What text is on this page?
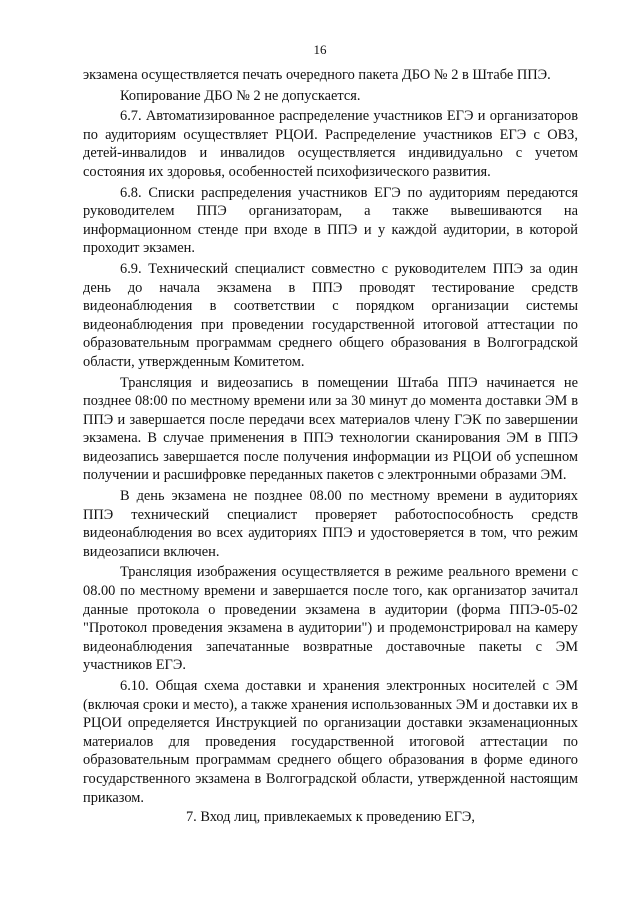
16

экзамена осуществляется печать очередного пакета ДБО № 2 в Штабе ППЭ.

Копирование ДБО № 2 не допускается.

6.7. Автоматизированное распределение участников ЕГЭ и организаторов по аудиториям осуществляет РЦОИ. Распределение участников ЕГЭ с ОВЗ, детей-инвалидов и инвалидов осуществляется индивидуально с учетом состояния их здоровья, особенностей психофизического развития.

6.8. Списки распределения участников ЕГЭ по аудиториям передаются руководителем ППЭ организаторам, а также вывешиваются на информационном стенде при входе в ППЭ и у каждой аудитории, в которой проходит экзамен.

6.9. Технический специалист совместно с руководителем ППЭ за один день до начала экзамена в ППЭ проводят тестирование средств видеонаблюдения в соответствии с порядком организации системы видеонаблюдения при проведении государственной итоговой аттестации по образовательным программам среднего общего образования в Волгоградской области, утвержденным Комитетом.

Трансляция и видеозапись в помещении Штаба ППЭ начинается не позднее 08:00 по местному времени или за 30 минут до момента доставки ЭМ в ППЭ и завершается после передачи всех материалов члену ГЭК по завершении экзамена. В случае применения в ППЭ технологии сканирования ЭМ в ППЭ видеозапись завершается после получения информации из РЦОИ об успешном получении и расшифровке переданных пакетов с электронными образами ЭМ.

В день экзамена не позднее 08.00 по местному времени в аудиториях ППЭ технический специалист проверяет работоспособность средств видеонаблюдения во всех аудиториях ППЭ и удостоверяется в том, что режим видеозаписи включен.

Трансляция изображения осуществляется в режиме реального времени с 08.00 по местному времени и завершается после того, как организатор зачитал данные протокола о проведении экзамена в аудитории (форма ППЭ-05-02 "Протокол проведения экзамена в аудитории") и продемонстрировал на камеру видеонаблюдения запечатанные возвратные доставочные пакеты с ЭМ участников ЕГЭ.

6.10. Общая схема доставки и хранения электронных носителей с ЭМ (включая сроки и место), а также хранения использованных ЭМ и доставки их в РЦОИ определяется Инструкцией по организации доставки экзаменационных материалов для проведения государственной итоговой аттестации по образовательным программам среднего общего образования в форме единого государственного экзамена в Волгоградской области, утвержденной настоящим приказом.

7. Вход лиц, привлекаемых к проведению ЕГЭ,
